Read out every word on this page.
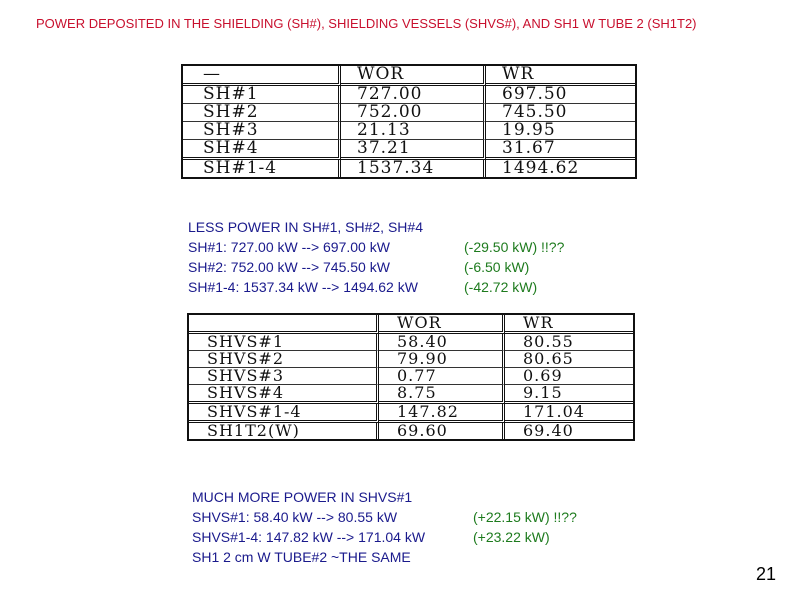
POWER DEPOSITED IN THE SHIELDING (SH#), SHIELDING VESSELS (SHVS#), AND SH1 W TUBE 2 (SH1T2)
—	WOR	WR
SH#1	727.00	697.50
SH#2	752.00	745.50
SH#3	21.13	19.95
SH#4	37.21	31.67
SH#1-4	1537.34	1494.62
LESS POWER IN SH#1, SH#2, SH#4
SH#1: 727.00 kW --> 697.00 kW	(-29.50 kW) !!??
SH#2: 752.00 kW --> 745.50 kW	(-6.50 kW)
SH#1-4: 1537.34 kW --> 1494.62 kW	(-42.72 kW)
	WOR	WR
SHVS#1	58.40	80.55
SHVS#2	79.90	80.65
SHVS#3	0.77	0.69
SHVS#4	8.75	9.15
SHVS#1-4	147.82	171.04
SH1T2(W)	69.60	69.40
MUCH MORE POWER IN SHVS#1
SHVS#1: 58.40 kW --> 80.55 kW	(+22.15 kW) !!??
SHVS#1-4: 147.82 kW --> 171.04 kW	(+23.22 kW)
SH1 2 cm W TUBE#2 ~THE SAME
21
